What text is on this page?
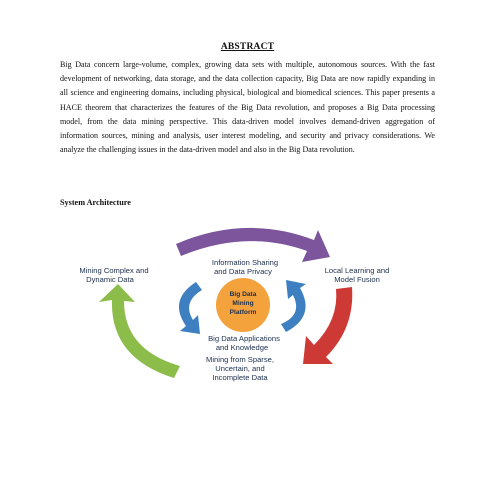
ABSTRACT

Big Data concern large-volume, complex, growing data sets with multiple, autonomous sources. With the fast development of networking, data storage, and the data collection capacity, Big Data are now rapidly expanding in all science and engineering domains, including physical, biological and biomedical sciences. This paper presents a HACE theorem that characterizes the features of the Big Data revolution, and proposes a Big Data processing model, from the data mining perspective. This data-driven model involves demand-driven aggregation of information sources, mining and analysis, user interest modeling, and security and privacy considerations. We analyze the challenging issues in the data-driven model and also in the Big Data revolution.

System Architecture
Big Data
Mining
Platform
Information Sharing
and Data Privacy
Big Data Applications
and Knowledge
Mining Complex and
Dynamic Data
Local Learning and
Model Fusion
Mining from Sparse,
Uncertain, and
Incomplete Data
